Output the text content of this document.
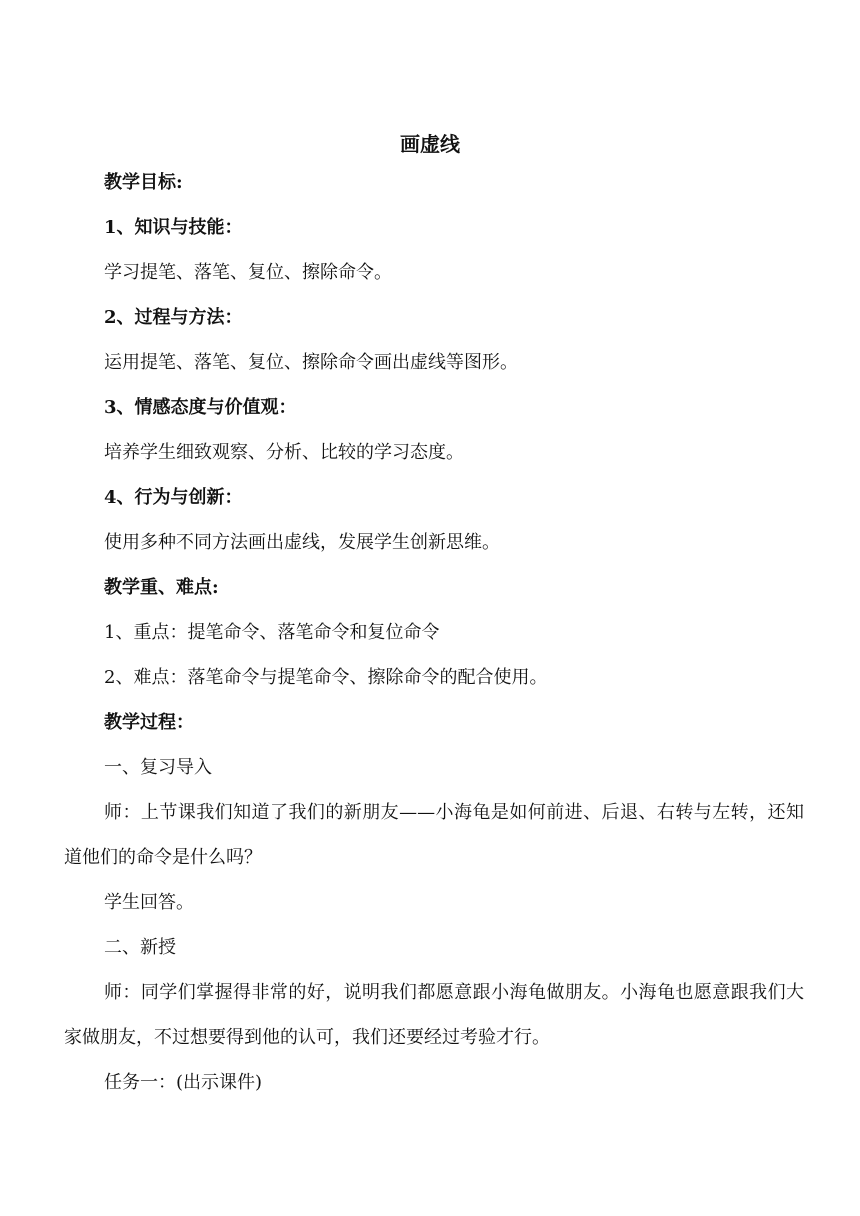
画虚线
教学目标:
1、知识与技能：
学习提笔、落笔、复位、擦除命令。
2、过程与方法：
运用提笔、落笔、复位、擦除命令画出虚线等图形。
3、情感态度与价值观：
培养学生细致观察、分析、比较的学习态度。
4、行为与创新：
使用多种不同方法画出虚线，发展学生创新思维。
教学重、难点:
1、重点：提笔命令、落笔命令和复位命令
2、难点：落笔命令与提笔命令、擦除命令的配合使用。
教学过程：
一、复习导入
师：上节课我们知道了我们的新朋友——小海龟是如何前进、后退、右转与左转，还知道他们的命令是什么吗？
学生回答。
二、新授
师：同学们掌握得非常的好，说明我们都愿意跟小海龟做朋友。小海龟也愿意跟我们大家做朋友，不过想要得到他的认可，我们还要经过考验才行。
任务一：(出示课件)
